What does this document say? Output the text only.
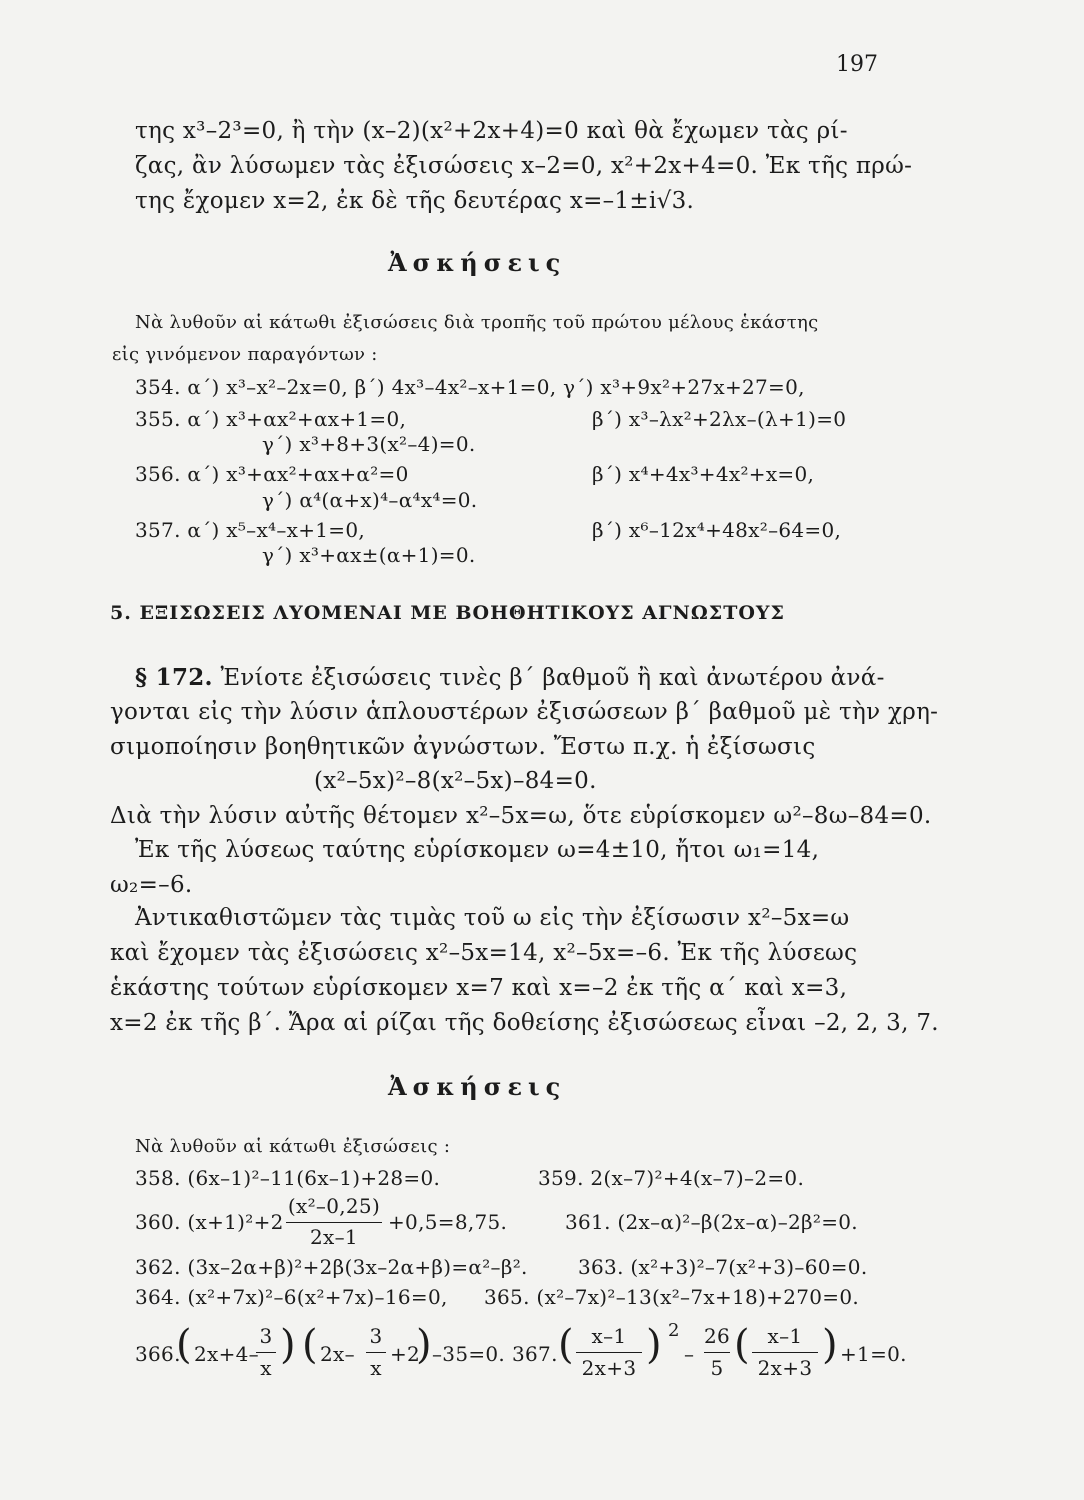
197
της x³–2³=0, ἢ τὴν (x–2)(x²+2x+4)=0 καὶ θὰ ἔχωμεν τὰς ρί-
ζας, ἂν λύσωμεν τὰς ἐξισώσεις x–2=0, x²+2x+4=0. Ἐκ τῆς πρώ-
της ἔχομεν x=2, ἐκ δὲ τῆς δευτέρας x=–1±i√3.
Ἀσκήσεις
Νὰ λυθοῦν αἱ κάτωθι ἐξισώσεις διὰ τροπῆς τοῦ πρώτου μέλους ἑκάστης
εἰς γινόμενον παραγόντων :
354. α΄) x³–x²–2x=0, β΄) 4x³–4x²–x+1=0, γ΄) x³+9x²+27x+27=0,
355. α΄) x³+αx²+αx+1=0,	β΄) x³–λx²+2λx–(λ+1)=0
γ΄) x³+8+3(x²–4)=0.
356. α΄) x³+αx²+αx+α²=0	β΄) x⁴+4x³+4x²+x=0,
γ΄) α⁴(α+x)⁴–α⁴x⁴=0.
357. α΄) x⁵–x⁴–x+1=0,	β΄) x⁶–12x⁴+48x²–64=0,
γ΄) x³+αx±(α+1)=0.
5. ΕΞΙΣΩΣΕΙΣ ΛΥΟΜΕΝΑΙ ΜΕ ΒΟΗΘΗΤΙΚΟΥΣ ΑΓΝΩΣΤΟΥΣ
§ 172. Ἐνίοτε ἐξισώσεις τινὲς β΄ βαθμοῦ ἢ καὶ ἀνωτέρου ἀνά-
γονται εἰς τὴν λύσιν ἁπλουστέρων ἐξισώσεων β΄ βαθμοῦ μὲ τὴν χρη-
σιμοποίησιν βοηθητικῶν ἀγνώστων. Ἔστω π.χ. ἡ ἐξίσωσις
(x²–5x)²–8(x²–5x)–84=0.
Διὰ τὴν λύσιν αὐτῆς θέτομεν x²–5x=ω, ὅτε εὑρίσκομεν ω²–8ω–84=0.
Ἐκ τῆς λύσεως ταύτης εὑρίσκομεν ω=4±10, ἤτοι ω₁=14,
ω₂=–6.
Ἀντικαθιστῶμεν τὰς τιμὰς τοῦ ω εἰς τὴν ἐξίσωσιν x²–5x=ω
καὶ ἔχομεν τὰς ἐξισώσεις x²–5x=14, x²–5x=–6. Ἐκ τῆς λύσεως
ἑκάστης τούτων εὑρίσκομεν x=7 καὶ x=–2 ἐκ τῆς α΄ καὶ x=3,
x=2 ἐκ τῆς β΄. Ἄρα αἱ ρίζαι τῆς δοθείσης ἐξισώσεως εἶναι –2, 2, 3, 7.
Ἀσκήσεις
Νὰ λυθοῦν αἱ κάτωθι ἐξισώσεις :
358. (6x–1)²–11(6x–1)+28=0.	359. 2(x–7)²+4(x–7)–2=0.
360. (x+1)²+2
(x²–0,25)
2x–1
+0,5=8,75.	361. (2x–α)²–β(2x–α)–2β²=0.
362. (3x–2α+β)²+2β(3x–2α+β)=α²–β².	363. (x²+3)²–7(x²+3)–60=0.
364. (x²+7x)²–6(x²+7x)–16=0, 365. (x²–7x)²–13(x²–7x+18)+270=0.
366.
( 2x+4–
3
x ) ( 2x–
3
x
+2
) –35=0. 367. ( x–1
2x+3 ) 2
–
26
5 ( x–1
2x+3 ) +1=0.
